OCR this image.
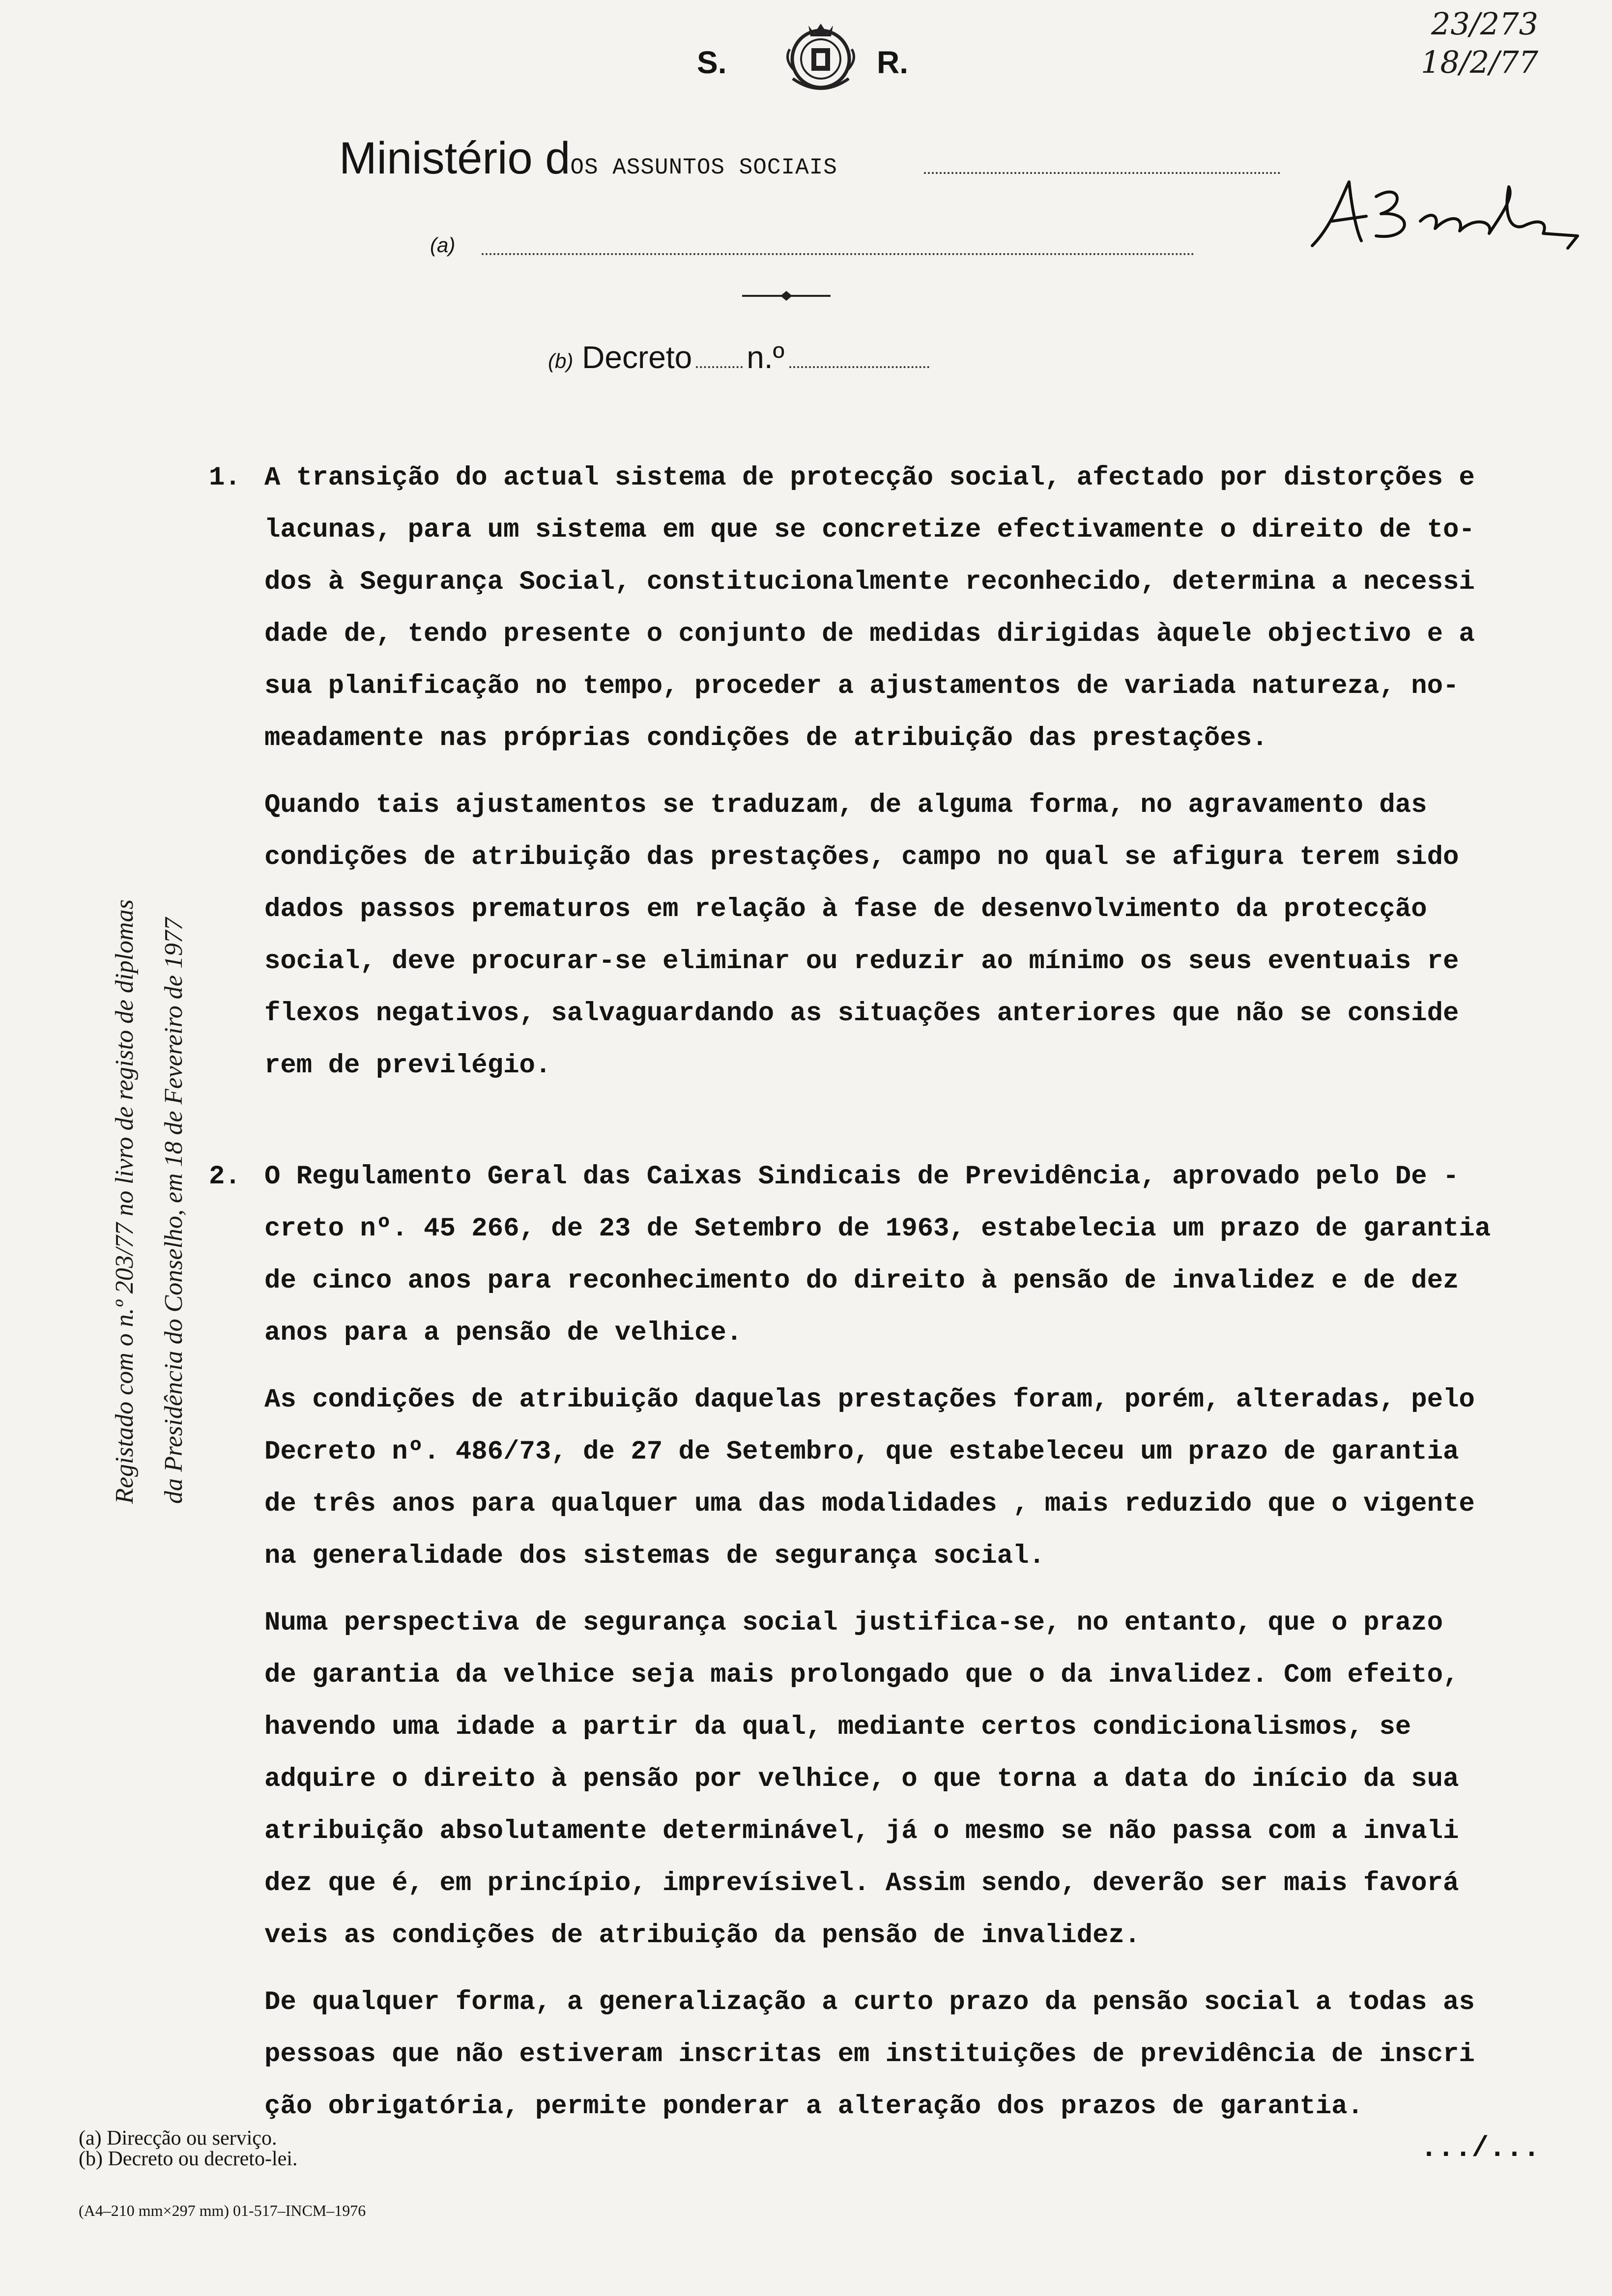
S.	R.
Ministério dOS ASSUNTOS SOCIAIS
(a)
(b) Decreto n.º
23/273
18/2/77
Registado com o n.º 203/77 no livro de registo de diplomas da Presidência do Conselho, em 18 de Fevereiro de 1977
1. A transição do actual sistema de protecção social, afectado por distorções e
lacunas, para um sistema em que se concretize efectivamente o direito de to-
dos à Segurança Social, constitucionalmente reconhecido, determina a necessi
dade de, tendo presente o conjunto de medidas dirigidas àquele objectivo e a
sua planificação no tempo, proceder a ajustamentos de variada natureza, no-
meadamente nas próprias condições de atribuição das prestações.
Quando tais ajustamentos se traduzam, de alguma forma, no agravamento das
condições de atribuição das prestações, campo no qual se afigura terem sido
dados passos prematuros em relação à fase de desenvolvimento da protecção
social, deve procurar-se eliminar ou reduzir ao mínimo os seus eventuais re
flexos negativos, salvaguardando as situações anteriores que não se conside
rem de previlégio.
2. O Regulamento Geral das Caixas Sindicais de Previdência, aprovado pelo De -
creto nº. 45 266, de 23 de Setembro de 1963, estabelecia um prazo de garantia
de cinco anos para reconhecimento do direito à pensão de invalidez e de dez
anos para a pensão de velhice.
As condições de atribuição daquelas prestações foram, porém, alteradas, pelo
Decreto nº. 486/73, de 27 de Setembro, que estabeleceu um prazo de garantia
de três anos para qualquer uma das modalidades , mais reduzido que o vigente
na generalidade dos sistemas de segurança social.
Numa perspectiva de segurança social justifica-se, no entanto, que o prazo
de garantia da velhice seja mais prolongado que o da invalidez. Com efeito,
havendo uma idade a partir da qual, mediante certos condicionalismos, se
adquire o direito à pensão por velhice, o que torna a data do início da sua
atribuição absolutamente determinável, já o mesmo se não passa com a invali
dez que é, em princípio, imprevísivel. Assim sendo, deverão ser mais favorá
veis as condições de atribuição da pensão de invalidez.
De qualquer forma, a generalização a curto prazo da pensão social a todas as
pessoas que não estiveram inscritas em instituições de previdência de inscri
ção obrigatória, permite ponderar a alteração dos prazos de garantia.
(a) Direcção ou serviço.
(b) Decreto ou decreto-lei.
(A4–210 mm×297 mm) 01-517–INCM–1976
.../...
